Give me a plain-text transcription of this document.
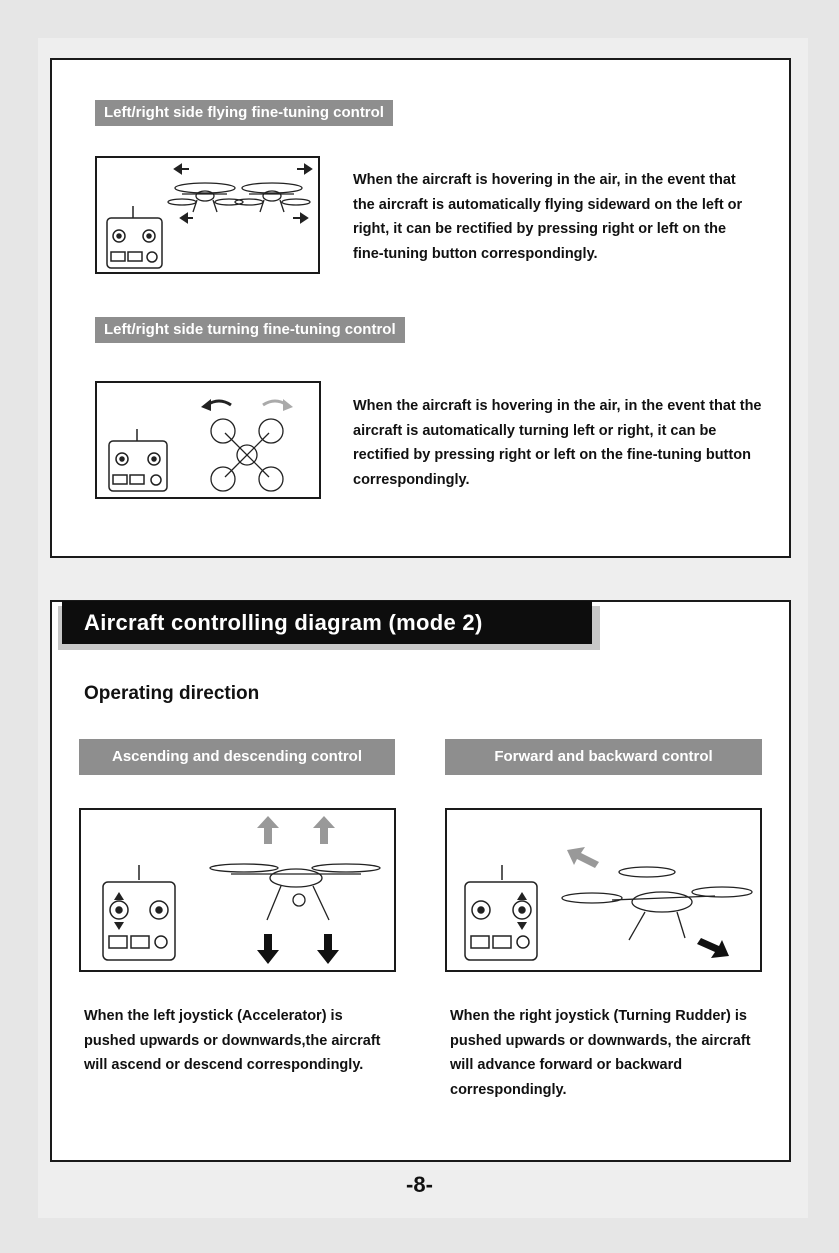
Left/right side flying fine-tuning control
When the aircraft is hovering in the air, in the event that the aircraft is automatically flying sideward on the left or right, it can be rectified by pressing right or left on the fine-tuning button correspondingly.
Left/right side turning fine-tuning control
When the aircraft is hovering in the air, in the event that the aircraft is automatically turning left or right, it can be rectified by pressing right or left on the fine-tuning button correspondingly.
Aircraft controlling diagram (mode 2)
Operating direction
Ascending and descending control	Forward and backward control
When the left joystick (Accelerator) is pushed upwards or downwards,the aircraft will ascend or descend correspondingly.
When the right joystick (Turning Rudder) is pushed upwards or downwards, the aircraft will advance forward or backward correspondingly.
-8-
